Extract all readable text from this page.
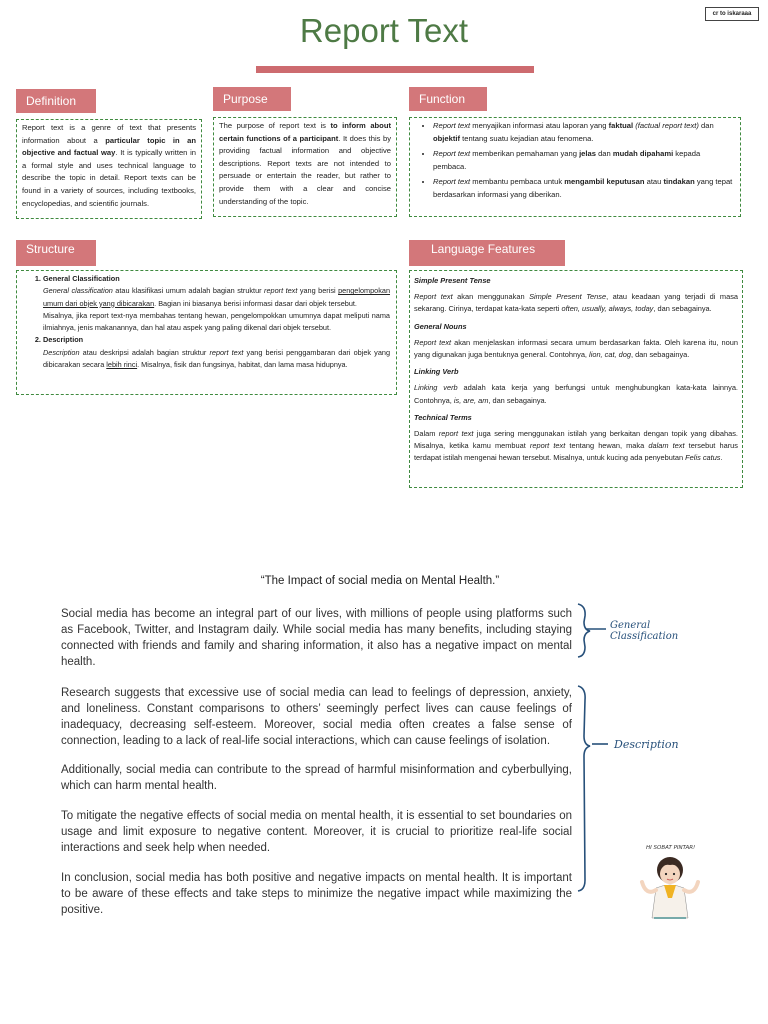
cr to iskaraaa
Report Text
Definition
Report text is a genre of text that presents information about a particular topic in an objective and factual way. It is typically written in a formal style and uses technical language to describe the topic in detail. Report texts can be found in a variety of sources, including textbooks, encyclopedias, and scientific journals.
Purpose
The purpose of report text is to inform about certain functions of a participant. It does this by providing factual information and objective descriptions. Report texts are not intended to persuade or entertain the reader, but rather to provide them with a clear and concise understanding of the topic.
Function
• Report text menyajikan informasi atau laporan yang faktual (factual report text) dan objektif tentang suatu kejadian atau fenomena.
• Report text memberikan pemahaman yang jelas dan mudah dipahami kepada pembaca.
• Report text membantu pembaca untuk mengambil keputusan atau tindakan yang tepat berdasarkan informasi yang diberikan.
Structure
1. General Classification
General classification atau klasifikasi umum adalah bagian struktur report text yang berisi pengelompokan umum dari objek yang dibicarakan. Bagian ini biasanya berisi informasi dasar dari objek tersebut.
Misalnya, jika report text-nya membahas tentang hewan, pengelompokkan umumnya dapat meliputi nama ilmiahnya, jenis makanannya, dan hal atau aspek yang paling dikenal dari objek tersebut.
2. Description
Description atau deskripsi adalah bagian struktur report text yang berisi penggambaran dari objek yang dibicarakan secara lebih rinci. Misalnya, fisik dan fungsinya, habitat, dan lama masa hidupnya.
Language Features
Simple Present Tense
Report text akan menggunakan Simple Present Tense, atau keadaan yang terjadi di masa sekarang. Cirinya, terdapat kata-kata seperti often, usually, always, today, dan sebagainya.
General Nouns
Report text akan menjelaskan informasi secara umum berdasarkan fakta. Oleh karena itu, noun yang digunakan juga bentuknya general. Contohnya, lion, cat, dog, dan sebagainya.
Linking Verb
Linking verb adalah kata kerja yang berfungsi untuk menghubungkan kata-kata lainnya. Contohnya, is, are, am, dan sebagainya.
Technical Terms
Dalam report text juga sering menggunakan istilah yang berkaitan dengan topik yang dibahas. Misalnya, ketika kamu membuat report text tentang hewan, maka dalam text tersebut harus terdapat istilah mengenai hewan tersebut. Misalnya, untuk kucing ada penyebutan Felis catus.
“The Impact of social media on Mental Health.”
Social media has become an integral part of our lives, with millions of people using platforms such as Facebook, Twitter, and Instagram daily. While social media has many benefits, including staying connected with friends and family and sharing information, it also has a negative impact on mental health.
Research suggests that excessive use of social media can lead to feelings of depression, anxiety, and loneliness. Constant comparisons to others’ seemingly perfect lives can cause feelings of inadequacy, decreasing self-esteem. Moreover, social media often creates a false sense of connection, leading to a lack of real-life social interactions, which can cause feelings of isolation.
Additionally, social media can contribute to the spread of harmful misinformation and cyberbullying, which can harm mental health.
To mitigate the negative effects of social media on mental health, it is essential to set boundaries on usage and limit exposure to negative content. Moreover, it is crucial to prioritize real-life social interactions and seek help when needed.
In conclusion, social media has both positive and negative impacts on mental health. It is important to be aware of these effects and take steps to minimize the negative impact while maximizing the positive.
General
Classification
Description
HI SOBAT PINTAR!
